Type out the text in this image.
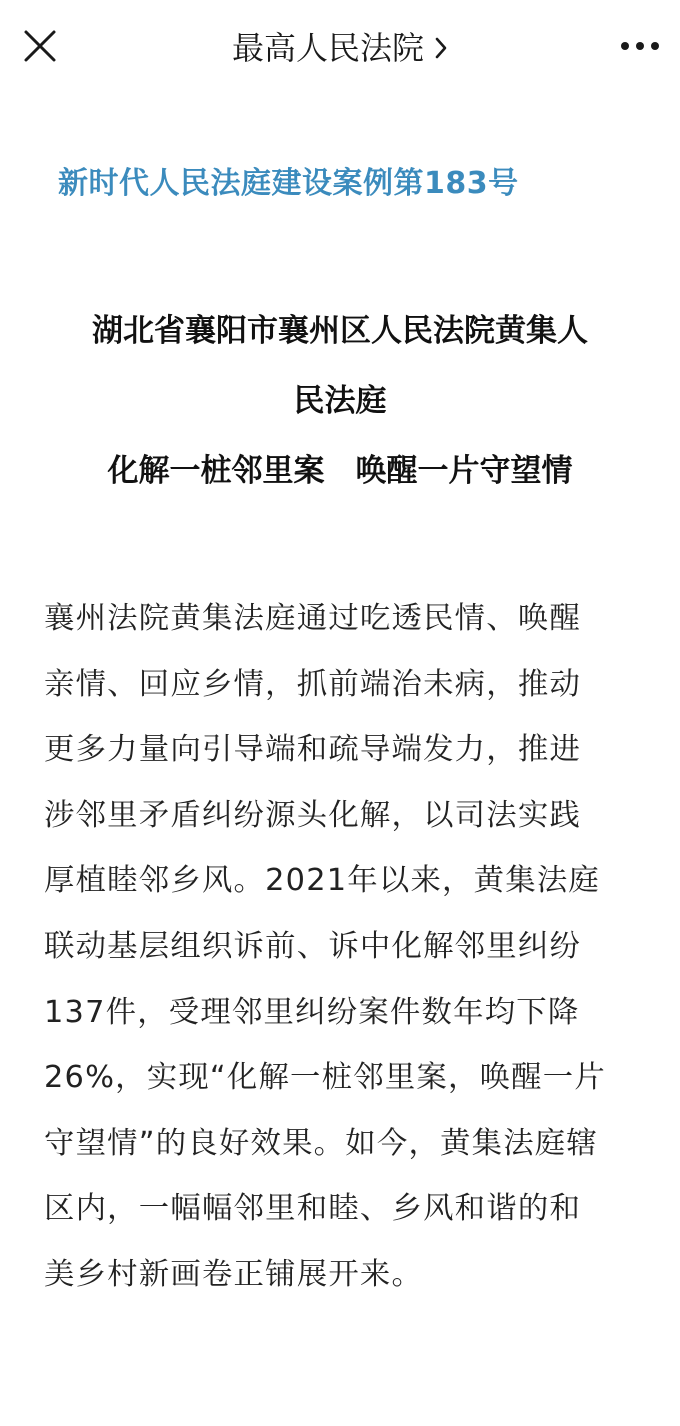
最高人民法院
新时代人民法庭建设案例第183号
湖北省襄阳市襄州区人民法院黄集人
民法庭
化解一桩邻里案　唤醒一片守望情
襄州法院黄集法庭通过吃透民情、唤醒
亲情、回应乡情，抓前端治未病，推动
更多力量向引导端和疏导端发力，推进
涉邻里矛盾纠纷源头化解，以司法实践
厚植睦邻乡风。2021年以来，黄集法庭
联动基层组织诉前、诉中化解邻里纠纷
137件，受理邻里纠纷案件数年均下降
26%，实现“化解一桩邻里案，唤醒一片
守望情”的良好效果。如今，黄集法庭辖
区内，一幅幅邻里和睦、乡风和谐的和
美乡村新画卷正铺展开来。
